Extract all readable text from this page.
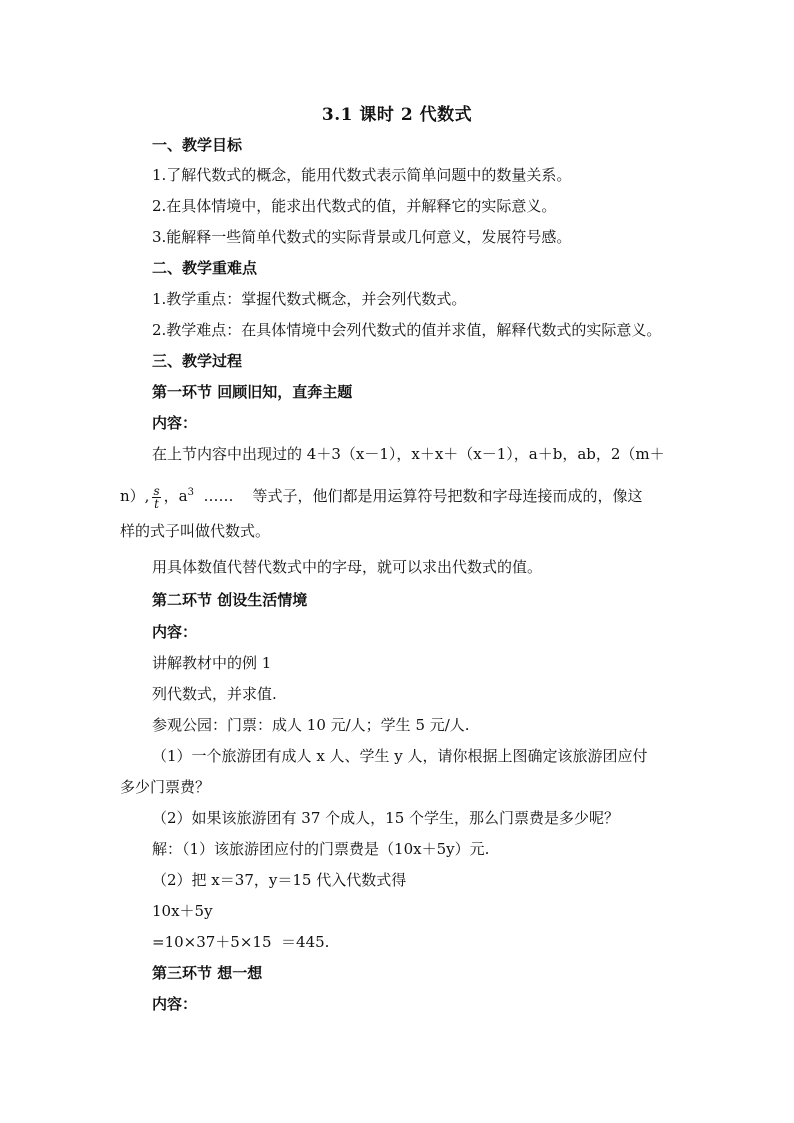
3.1 课时 2 代数式
一、教学目标
1.了解代数式的概念，能用代数式表示简单问题中的数量关系。
2.在具体情境中，能求出代数式的值，并解释它的实际意义。
3.能解释一些简单代数式的实际背景或几何意义，发展符号感。
二、教学重难点
1.教学重点：掌握代数式概念，并会列代数式。
2.教学难点：在具体情境中会列代数式的值并求值，解释代数式的实际意义。
三、教学过程
第一环节 回顾旧知，直奔主题
内容：
在上节内容中出现过的 4＋3（x－1），x＋x＋（x－1），a＋b，ab，2（m＋
n）, $\frac{s}{t}$ ，$a^3$  ……    等式子，他们都是用运算符号把数和字母连接而成的，像这
样的式子叫做代数式。
用具体数值代替代数式中的字母，就可以求出代数式的值。
第二环节 创设生活情境
内容：
讲解教材中的例 1
列代数式，并求值.
参观公园：门票：成人 10 元/人；学生 5 元/人.
（1）一个旅游团有成人 x 人、学生 y 人，请你根据上图确定该旅游团应付
多少门票费？
（2）如果该旅游团有 37 个成人，15 个学生，那么门票费是多少呢？
解：（1）该旅游团应付的门票费是（10x＋5y）元.
（2）把 x＝37，y＝15 代入代数式得
10x＋5y
=10×37＋5×15  ＝445.
第三环节 想一想
内容：
